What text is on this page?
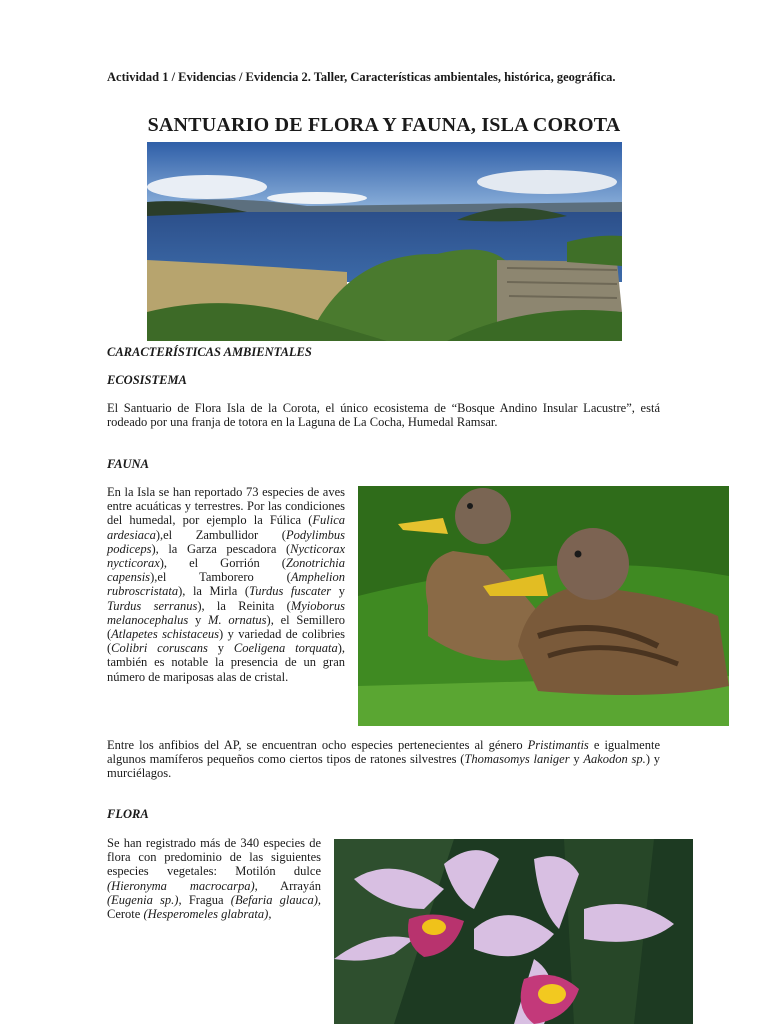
Actividad 1 / Evidencias / Evidencia 2. Taller, Características ambientales, histórica, geográfica.
SANTUARIO DE FLORA Y FAUNA, ISLA COROTA
CARACTERÍSTICAS AMBIENTALES
ECOSISTEMA
El Santuario de Flora Isla de la Corota, el único ecosistema de “Bosque Andino Insular Lacustre”, está rodeado por una franja de totora en la Laguna de La Cocha, Humedal Ramsar.
FAUNA
En la Isla se han reportado 73 especies de aves entre acuáticas y terrestres. Por las condiciones del humedal, por ejemplo la Fúlica (Fulica ardesiaca),el Zambullidor (Podylimbus podiceps), la Garza pescadora (Nycticorax nycticorax), el Gorrión (Zonotrichia capensis),el Tamborero (Amphelion rubroscristata), la Mirla (Turdus fuscater y Turdus serranus), la Reinita (Myioborus melanocephalus y M. ornatus), el Semillero (Atlapetes schistaceus) y variedad de colibries (Colibri coruscans y Coeligena torquata), también es notable la presencia de un gran número de mariposas alas de cristal.
Entre los anfibios del AP, se encuentran ocho especies pertenecientes al género Pristimantis e igualmente algunos mamíferos pequeños como ciertos tipos de ratones silvestres (Thomasomys laniger y Aakodon sp.) y murciélagos.
FLORA
Se han registrado más de 340 especies de flora con predominio de las siguientes especies vegetales: Motilón dulce (Hieronyma macrocarpa), Arrayán (Eugenia sp.), Fragua (Befaria glauca), Cerote (Hesperomeles glabrata),
